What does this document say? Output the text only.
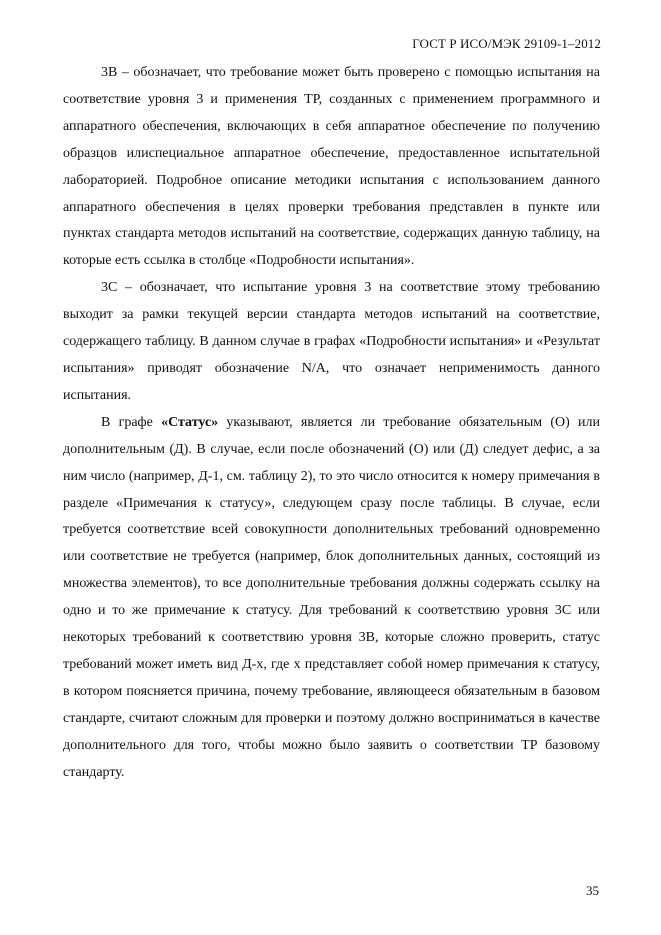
ГОСТ Р ИСО/МЭК 29109-1–2012

3В – обозначает, что требование может быть проверено с помощью испытания на соответствие уровня 3 и применения ТР, созданных с применением программного и аппаратного обеспечения, включающих в себя аппаратное обеспечение по получению образцов илиспециальное аппаратное обеспечение, предоставленное испытательной лабораторией. Подробное описание методики испытания с использованием данного аппаратного обеспечения в целях проверки требования представлен в пункте или пунктах стандарта методов испытаний на соответствие, содержащих данную таблицу, на которые есть ссылка в столбце «Подробности испытания».

3С – обозначает, что испытание уровня 3 на соответствие этому требованию выходит за рамки текущей версии стандарта методов испытаний на соответствие, содержащего таблицу. В данном случае в графах «Подробности испытания» и «Результат испытания» приводят обозначение N/A, что означает неприменимость данного испытания.

В графе «Статус» указывают, является ли требование обязательным (О) или дополнительным (Д). В случае, если после обозначений (О) или (Д) следует дефис, а за ним число (например, Д-1, см. таблицу 2), то это число относится к номеру примечания в разделе «Примечания к статусу», следующем сразу после таблицы. В случае, если требуется соответствие всей совокупности дополнительных требований одновременно или соответствие не требуется (например, блок дополнительных данных, состоящий из множества элементов), то все дополнительные требования должны содержать ссылку на одно и то же примечание к статусу. Для требований к соответствию уровня 3С или некоторых требований к соответствию уровня 3В, которые сложно проверить, статус требований может иметь вид Д-х, где х представляет собой номер примечания к статусу, в котором поясняется причина, почему требование, являющееся обязательным в базовом стандарте, считают сложным для проверки и поэтому должно восприниматься в качестве дополнительного для того, чтобы можно было заявить о соответствии ТР базовому стандарту.

35
